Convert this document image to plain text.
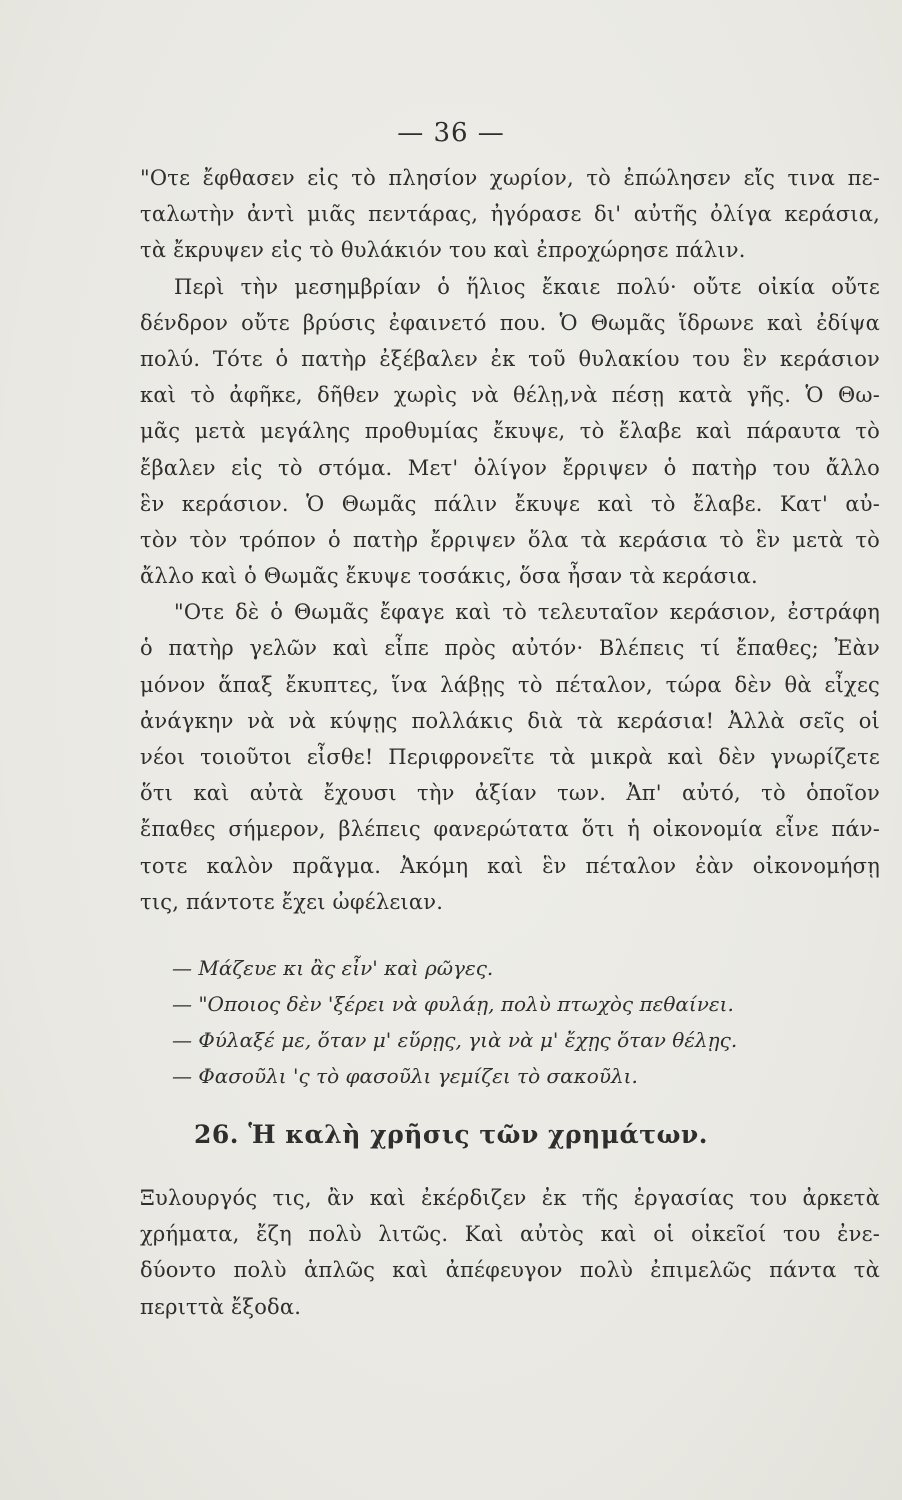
— 36 —
"Οτε ἔφθασεν εἰς τὸ πλησίον χωρίον, τὸ ἐπώλησεν εἴς τινα πε-
ταλωτὴν ἀντὶ μιᾶς πεντάρας, ἠγόρασε δι' αὐτῆς ὀλίγα κεράσια,
τὰ ἔκρυψεν εἰς τὸ θυλάκιόν του καὶ ἐπροχώρησε πάλιν.
Περὶ τὴν μεσημβρίαν ὁ ἥλιος ἔκαιε πολύ· οὔτε οἰκία οὔτε
δένδρον οὔτε βρύσις ἐφαινετό που. Ὁ Θωμᾶς ἵδρωνε καὶ ἐδίψα
πολύ. Τότε ὁ πατὴρ ἐξέβαλεν ἐκ τοῦ θυλακίου του ἓν κεράσιον
καὶ τὸ ἀφῆκε, δῆθεν χωρὶς νὰ θέλῃ,νὰ πέσῃ κατὰ γῆς. Ὁ Θω-
μᾶς μετὰ μεγάλης προθυμίας ἔκυψε, τὸ ἔλαβε καὶ πάραυτα τὸ
ἔβαλεν εἰς τὸ στόμα. Μετ' ὀλίγον ἔρριψεν ὁ πατὴρ του ἄλλο
ἓν κεράσιον. Ὁ Θωμᾶς πάλιν ἔκυψε καὶ τὸ ἔλαβε. Κατ' αὐ-
τὸν τὸν τρόπον ὁ πατὴρ ἔρριψεν ὅλα τὰ κεράσια τὸ ἓν μετὰ τὸ
ἄλλο καὶ ὁ Θωμᾶς ἔκυψε τοσάκις, ὅσα ἦσαν τὰ κεράσια.
"Οτε δὲ ὁ Θωμᾶς ἔφαγε καὶ τὸ τελευταῖον κεράσιον, ἐστράφη
ὁ πατὴρ γελῶν καὶ εἶπε πρὸς αὐτόν· Βλέπεις τί ἔπαθες; Ἐὰν
μόνον ἅπαξ ἔκυπτες, ἵνα λάβῃς τὸ πέταλον, τώρα δὲν θὰ εἶχες
ἀνάγκην νὰ νὰ κύψῃς πολλάκις διὰ τὰ κεράσια! Ἀλλὰ σεῖς οἱ
νέοι τοιοῦτοι εἶσθε! Περιφρονεῖτε τὰ μικρὰ καὶ δὲν γνωρίζετε
ὅτι καὶ αὐτὰ ἔχουσι τὴν ἀξίαν των. Ἀπ' αὐτό, τὸ ὁποῖον
ἔπαθες σήμερον, βλέπεις φανερώτατα ὅτι ἡ οἰκονομία εἶνε πάν-
τοτε καλὸν πρᾶγμα. Ἀκόμη καὶ ἓν πέταλον ἐὰν οἰκονομήσῃ
τις, πάντοτε ἔχει ὠφέλειαν.
— Μάζευε κι ἂς εἶν' καὶ ρῶγες.
— "Οποιος δὲν 'ξέρει νὰ φυλάῃ, πολὺ πτωχὸς πεθαίνει.
— Φύλαξέ με, ὅταν μ' εὕρῃς, γιὰ νὰ μ' ἔχῃς ὅταν θέλῃς.
— Φασοῦλι 'ς τὸ φασοῦλι γεμίζει τὸ σακοῦλι.
26. Ἡ καλὴ χρῆσις τῶν χρημάτων.
Ξυλουργός τις, ἂν καὶ ἐκέρδιζεν ἐκ τῆς ἐργασίας του ἀρκετὰ
χρήματα, ἔζη πολὺ λιτῶς. Καὶ αὐτὸς καὶ οἱ οἰκεῖοί του ἐνε-
δύοντο πολὺ ἁπλῶς καὶ ἀπέφευγον πολὺ ἐπιμελῶς πάντα τὰ
περιττὰ ἔξοδα.
